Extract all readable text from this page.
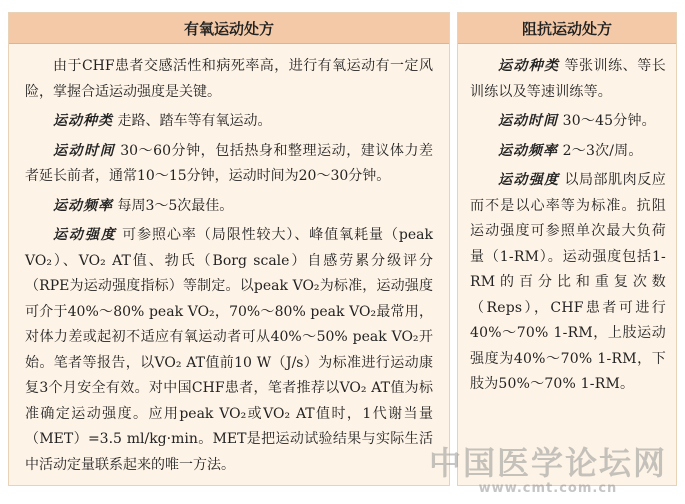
有氧运动处方

由于CHF患者交感活性和病死率高，进行有氧运动有一定风险，掌握合适运动强度是关键。

运动种类 走路、踏车等有氧运动。

运动时间 30～60分钟，包括热身和整理运动，建议体力差者延长前者，通常10～15分钟，运动时间为20～30分钟。

运动频率 每周3～5次最佳。

运动强度 可参照心率（局限性较大）、峰值氧耗量（peak VO₂）、VO₂ AT值、勃氏（Borg scale）自感劳累分级评分（RPE为运动强度指标）等制定。以peak VO₂为标准，运动强度可介于40%～80% peak VO₂，70%～80% peak VO₂最常用，对体力差或起初不适应有氧运动者可从40%～50% peak VO₂开始。笔者等报告，以VO₂ AT值前10 W（J/s）为标准进行运动康复3个月安全有效。对中国CHF患者，笔者推荐以VO₂ AT值为标准确定运动强度。应用peak VO₂或VO₂ AT值时，1代谢当量（MET）=3.5 ml/kg·min。MET是把运动试验结果与实际生活中活动定量联系起来的唯一方法。

阻抗运动处方

运动种类 等张训练、等长训练以及等速训练等。

运动时间 30～45分钟。

运动频率 2～3次/周。

运动强度 以局部肌肉反应而不是以心率等为标准。抗阻运动强度可参照单次最大负荷量（1-RM）。运动强度包括1-RM的百分比和重复次数（Reps），CHF患者可进行40%～70% 1-RM，上肢运动强度为40%～70% 1-RM，下肢为50%～70% 1-RM。

中国医学论坛网
www.cmt.com.cn
